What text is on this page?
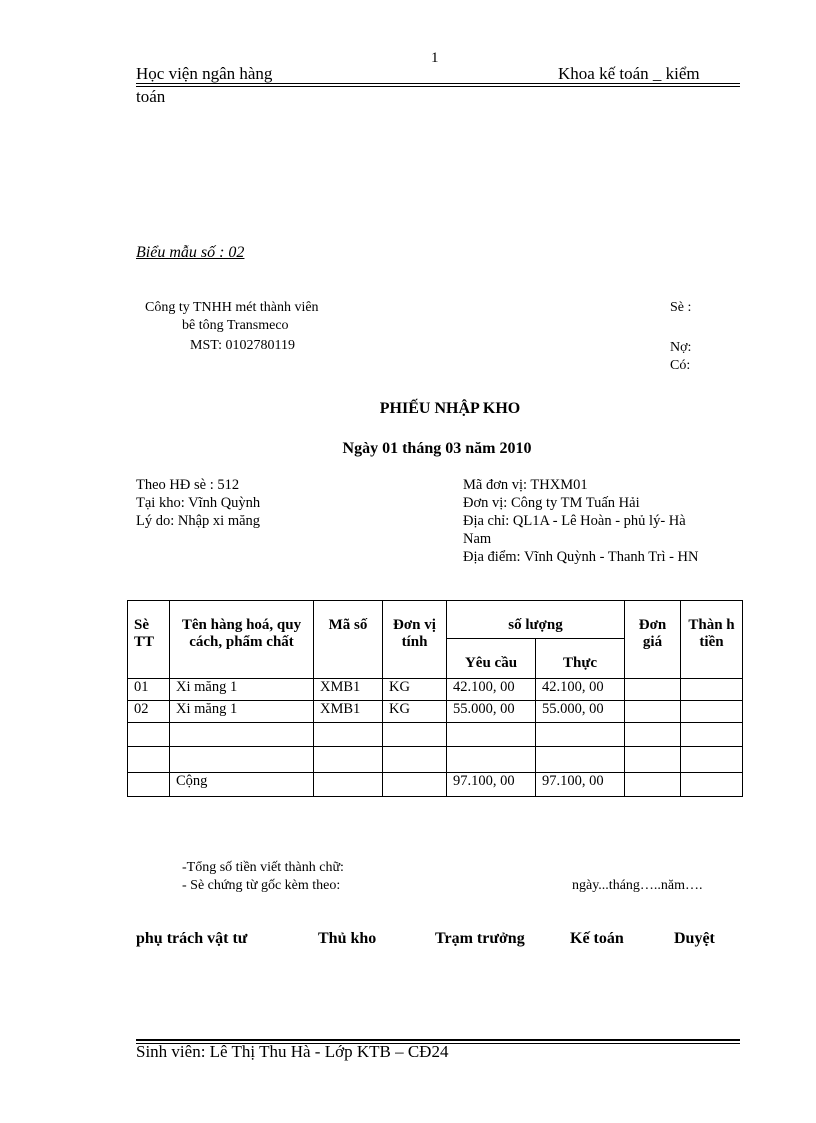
1
Học viện ngân hàng	Khoa kế toán _ kiểm
toán
Biểu mẫu số : 02
Công ty TNHH mét thành viên
bê tông Transmeco
MST: 0102780119
Sè :
Nợ:
Có:
PHIẾU NHẬP KHO
Ngày 01 tháng 03 năm 2010
Theo HĐ sè : 512
Tại kho: Vĩnh Quỳnh
Lý do: Nhập xi măng
Mã đơn vị: THXM01
Đơn vị: Công ty TM Tuấn Hải
Địa chỉ: QL1A - Lê Hoàn - phủ lý- Hà
Nam
Địa điểm: Vĩnh Quỳnh - Thanh Trì - HN
Sè TT	Tên hàng hoá, quy cách, phẩm chất	Mã số	Đơn vị tính	số lượng		Đơn giá	Thàn h tiền
				Yêu cầu	Thực		
01	Xi măng 1	XMB1	KG	42.100, 00	42.100, 00		
02	Xi măng 1	XMB1	KG	55.000, 00	55.000, 00		

	Cộng			97.100, 00	97.100, 00		
-Tổng số tiền viết thành chữ:
- Sè chứng từ gốc kèm theo:	ngày...tháng…..năm….
phụ trách vật tư	Thủ kho	Trạm trưởng	Kế toán	Duyệt
Sinh viên: Lê Thị Thu Hà - Lớp KTB – CĐ24
